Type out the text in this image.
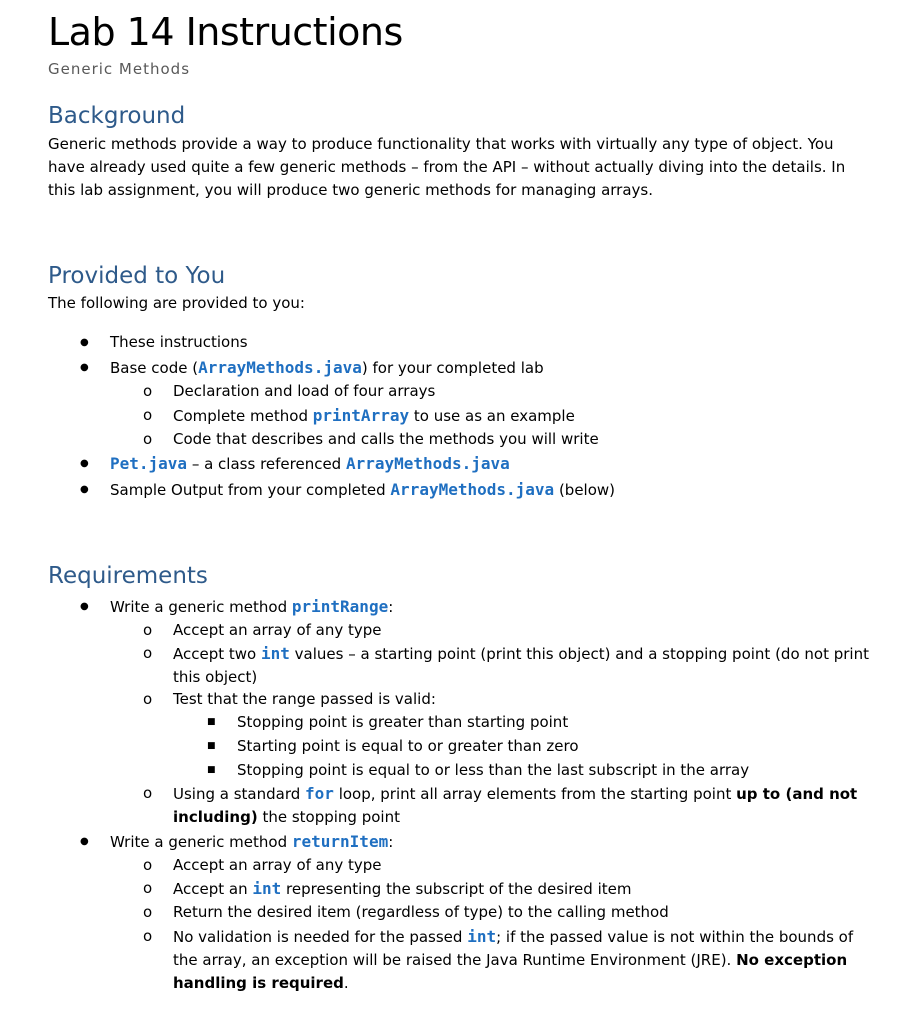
Lab 14 Instructions
Generic Methods
Background
Generic methods provide a way to produce functionality that works with virtually any type of object. You have already used quite a few generic methods – from the API – without actually diving into the details. In this lab assignment, you will produce two generic methods for managing arrays.
Provided to You
The following are provided to you:
● These instructions
● Base code (ArrayMethods.java) for your completed lab
o Declaration and load of four arrays
o Complete method printArray to use as an example
o Code that describes and calls the methods you will write
● Pet.java – a class referenced ArrayMethods.java
● Sample Output from your completed ArrayMethods.java (below)
Requirements
● Write a generic method printRange:
o Accept an array of any type
o Accept two int values – a starting point (print this object) and a stopping point (do not print this object)
o Test that the range passed is valid:
■ Stopping point is greater than starting point
■ Starting point is equal to or greater than zero
■ Stopping point is equal to or less than the last subscript in the array
o Using a standard for loop, print all array elements from the starting point up to (and not including) the stopping point
● Write a generic method returnItem:
o Accept an array of any type
o Accept an int representing the subscript of the desired item
o Return the desired item (regardless of type) to the calling method
o No validation is needed for the passed int; if the passed value is not within the bounds of the array, an exception will be raised the Java Runtime Environment (JRE). No exception handling is required.
